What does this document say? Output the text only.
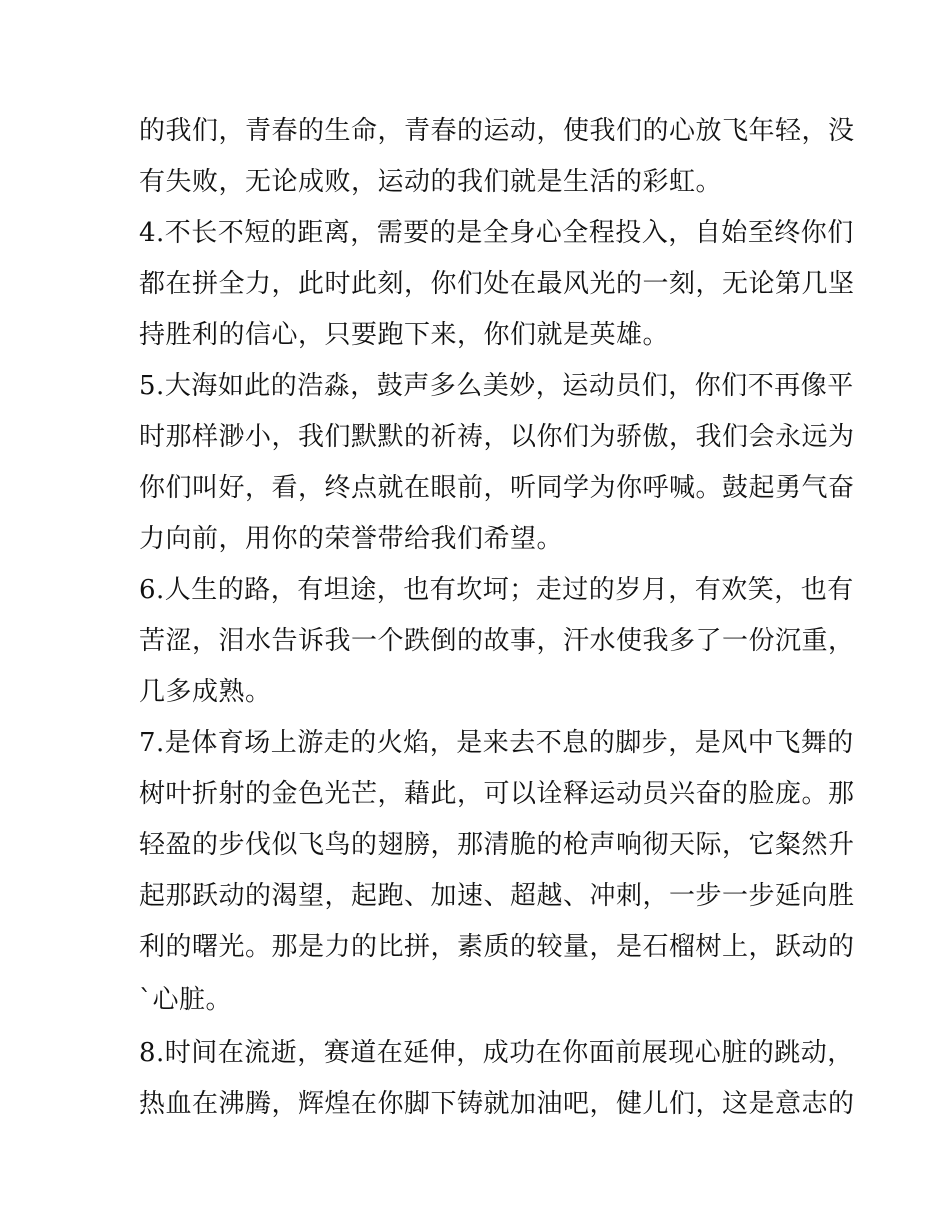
的我们，青春的生命，青春的运动，使我们的心放飞年轻，没
有失败，无论成败，运动的我们就是生活的彩虹。
4.不长不短的距离，需要的是全身心全程投入，自始至终你们
都在拼全力，此时此刻，你们处在最风光的一刻，无论第几坚
持胜利的信心，只要跑下来，你们就是英雄。
5.大海如此的浩淼，鼓声多么美妙，运动员们，你们不再像平
时那样渺小，我们默默的祈祷，以你们为骄傲，我们会永远为
你们叫好，看，终点就在眼前，听同学为你呼喊。鼓起勇气奋
力向前，用你的荣誉带给我们希望。
6.人生的路，有坦途，也有坎坷；走过的岁月，有欢笑，也有
苦涩，泪水告诉我一个跌倒的故事，汗水使我多了一份沉重，
几多成熟。
7.是体育场上游走的火焰，是来去不息的脚步，是风中飞舞的
树叶折射的金色光芒，藉此，可以诠释运动员兴奋的脸庞。那
轻盈的步伐似飞鸟的翅膀，那清脆的枪声响彻天际，它粲然升
起那跃动的渴望，起跑、加速、超越、冲刺，一步一步延向胜
利的曙光。那是力的比拼，素质的较量，是石榴树上，跃动的
`心脏。
8.时间在流逝，赛道在延伸，成功在你面前展现心脏的跳动，
热血在沸腾，辉煌在你脚下铸就加油吧，健儿们，这是意志的
